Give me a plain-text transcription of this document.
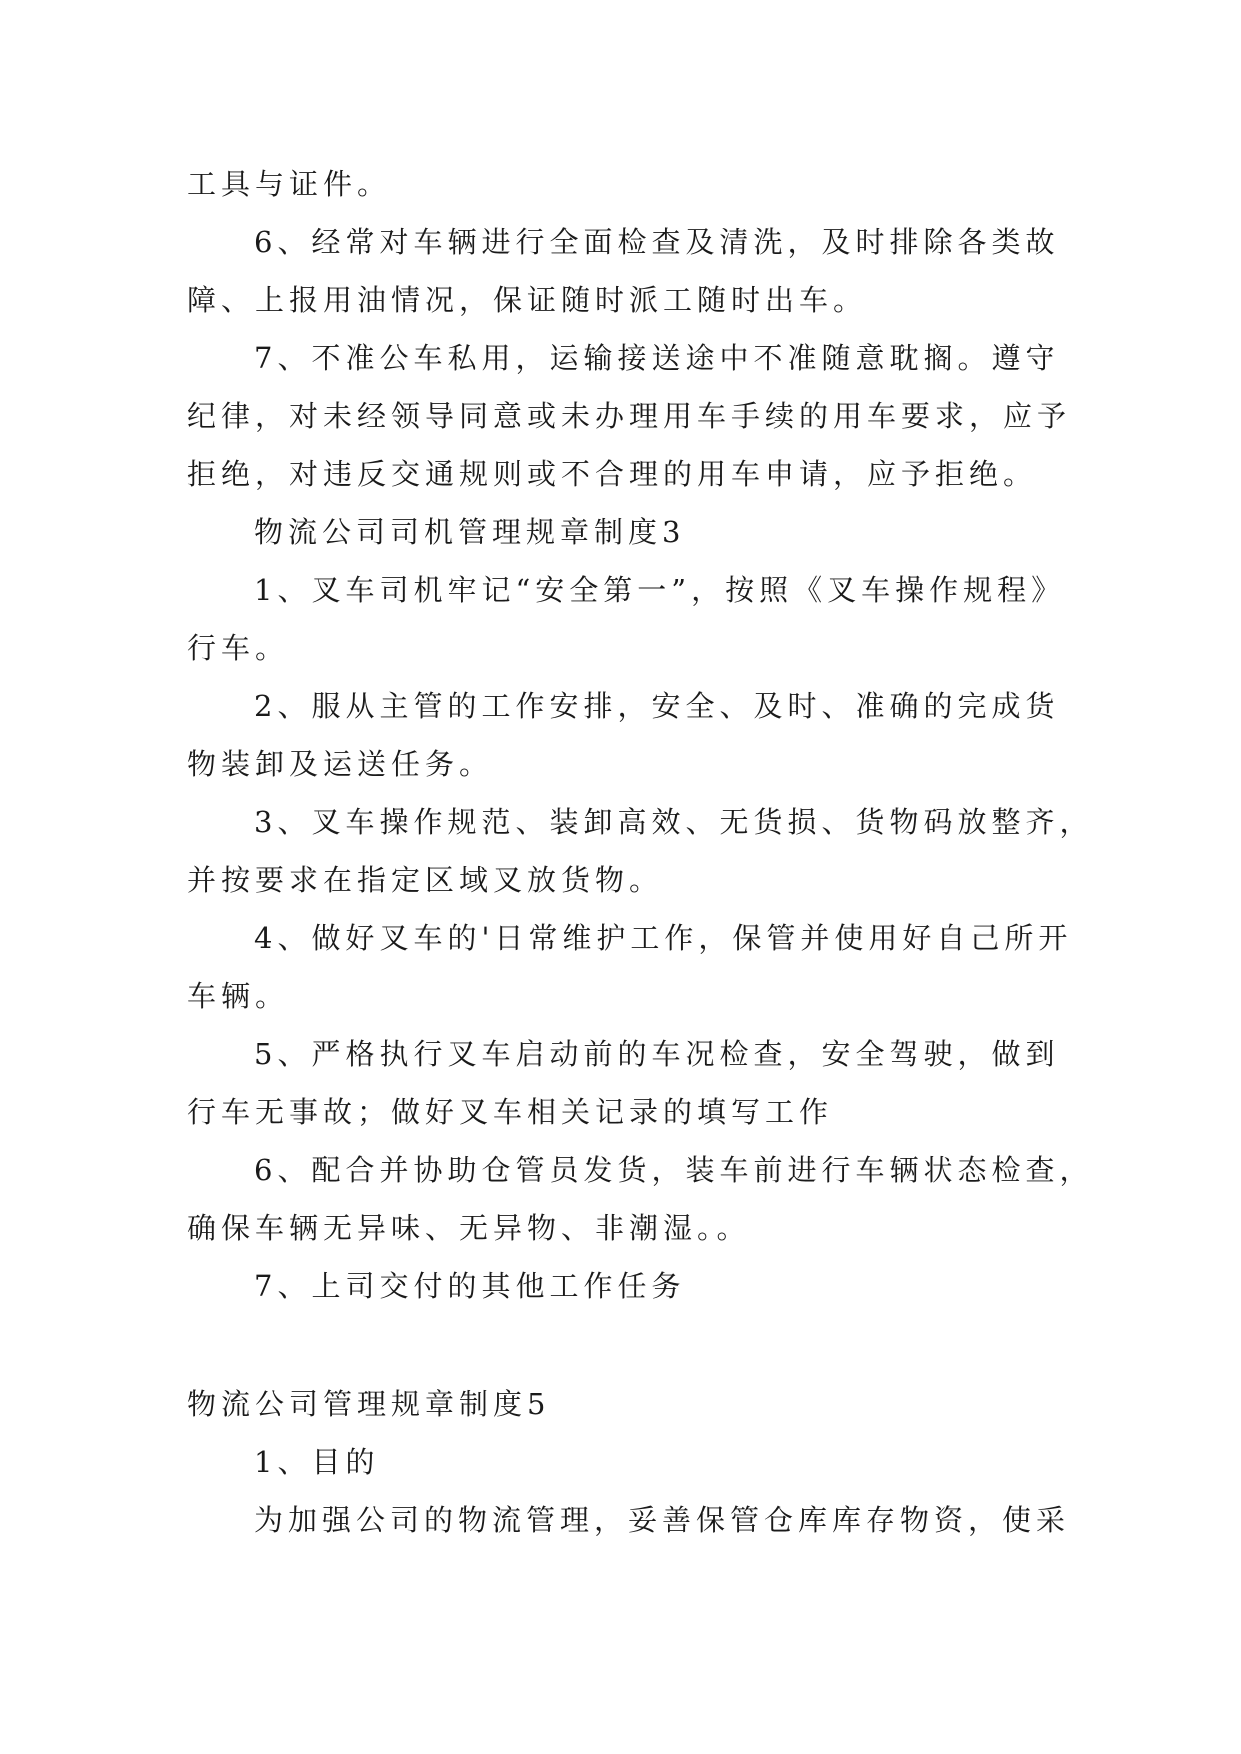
工具与证件。
6、经常对车辆进行全面检查及清洗，及时排除各类故
障、上报用油情况，保证随时派工随时出车。
7、不准公车私用，运输接送途中不准随意耽搁。遵守
纪律，对未经领导同意或未办理用车手续的用车要求，应予
拒绝，对违反交通规则或不合理的用车申请，应予拒绝。
物流公司司机管理规章制度3
1、叉车司机牢记“安全第一”，按照《叉车操作规程》
行车。
2、服从主管的工作安排，安全、及时、准确的完成货
物装卸及运送任务。
3、叉车操作规范、装卸高效、无货损、货物码放整齐，
并按要求在指定区域叉放货物。
4、做好叉车的'日常维护工作，保管并使用好自己所开
车辆。
5、严格执行叉车启动前的车况检查，安全驾驶，做到
行车无事故；做好叉车相关记录的填写工作
6、配合并协助仓管员发货，装车前进行车辆状态检查，
确保车辆无异味、无异物、非潮湿。。
7、上司交付的其他工作任务
物流公司管理规章制度5
1、目的
为加强公司的物流管理，妥善保管仓库库存物资，使采
